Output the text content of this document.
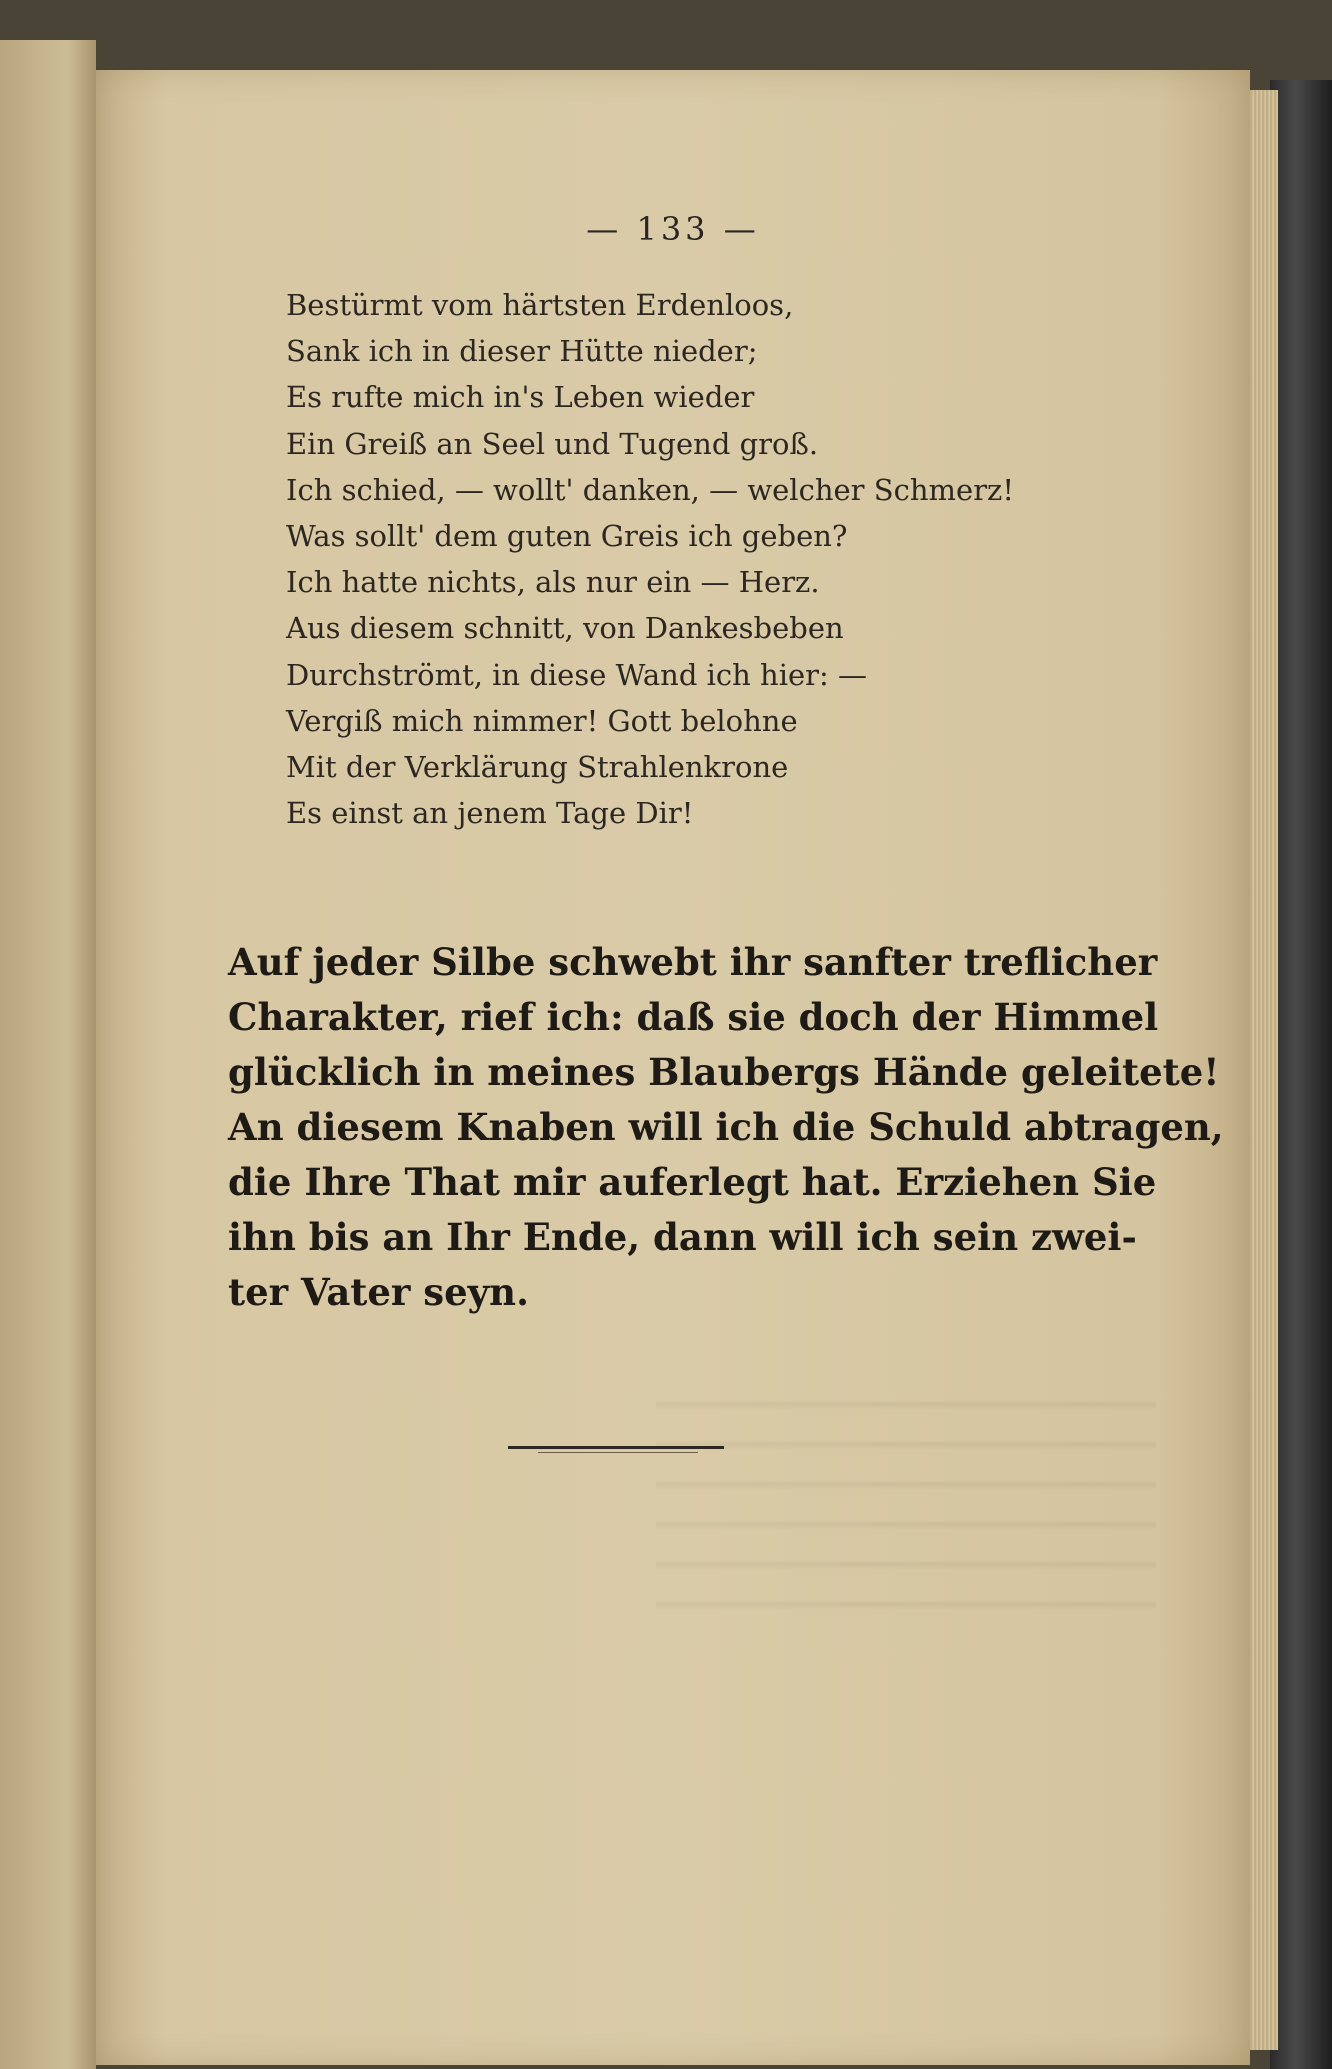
— 133 —
Bestürmt vom härtsten Erdenloos,
Sank ich in dieser Hütte nieder;
Es rufte mich in's Leben wieder
Ein Greiß an Seel und Tugend groß.
Ich schied, — wollt' danken, — welcher Schmerz!
Was sollt' dem guten Greis ich geben?
Ich hatte nichts, als nur ein — Herz.
Aus diesem schnitt, von Dankesbeben
Durchströmt, in diese Wand ich hier: —
Vergiß mich nimmer! Gott belohne
Mit der Verklärung Strahlenkrone
Es einst an jenem Tage Dir!
Auf jeder Silbe schwebt ihr sanfter treflicher
Charakter, rief ich: daß sie doch der Himmel
glücklich in meines Blaubergs Hände geleitete!
An diesem Knaben will ich die Schuld abtragen,
die Ihre That mir auferlegt hat. Erziehen Sie
ihn bis an Ihr Ende, dann will ich sein zwei-
ter Vater seyn.
